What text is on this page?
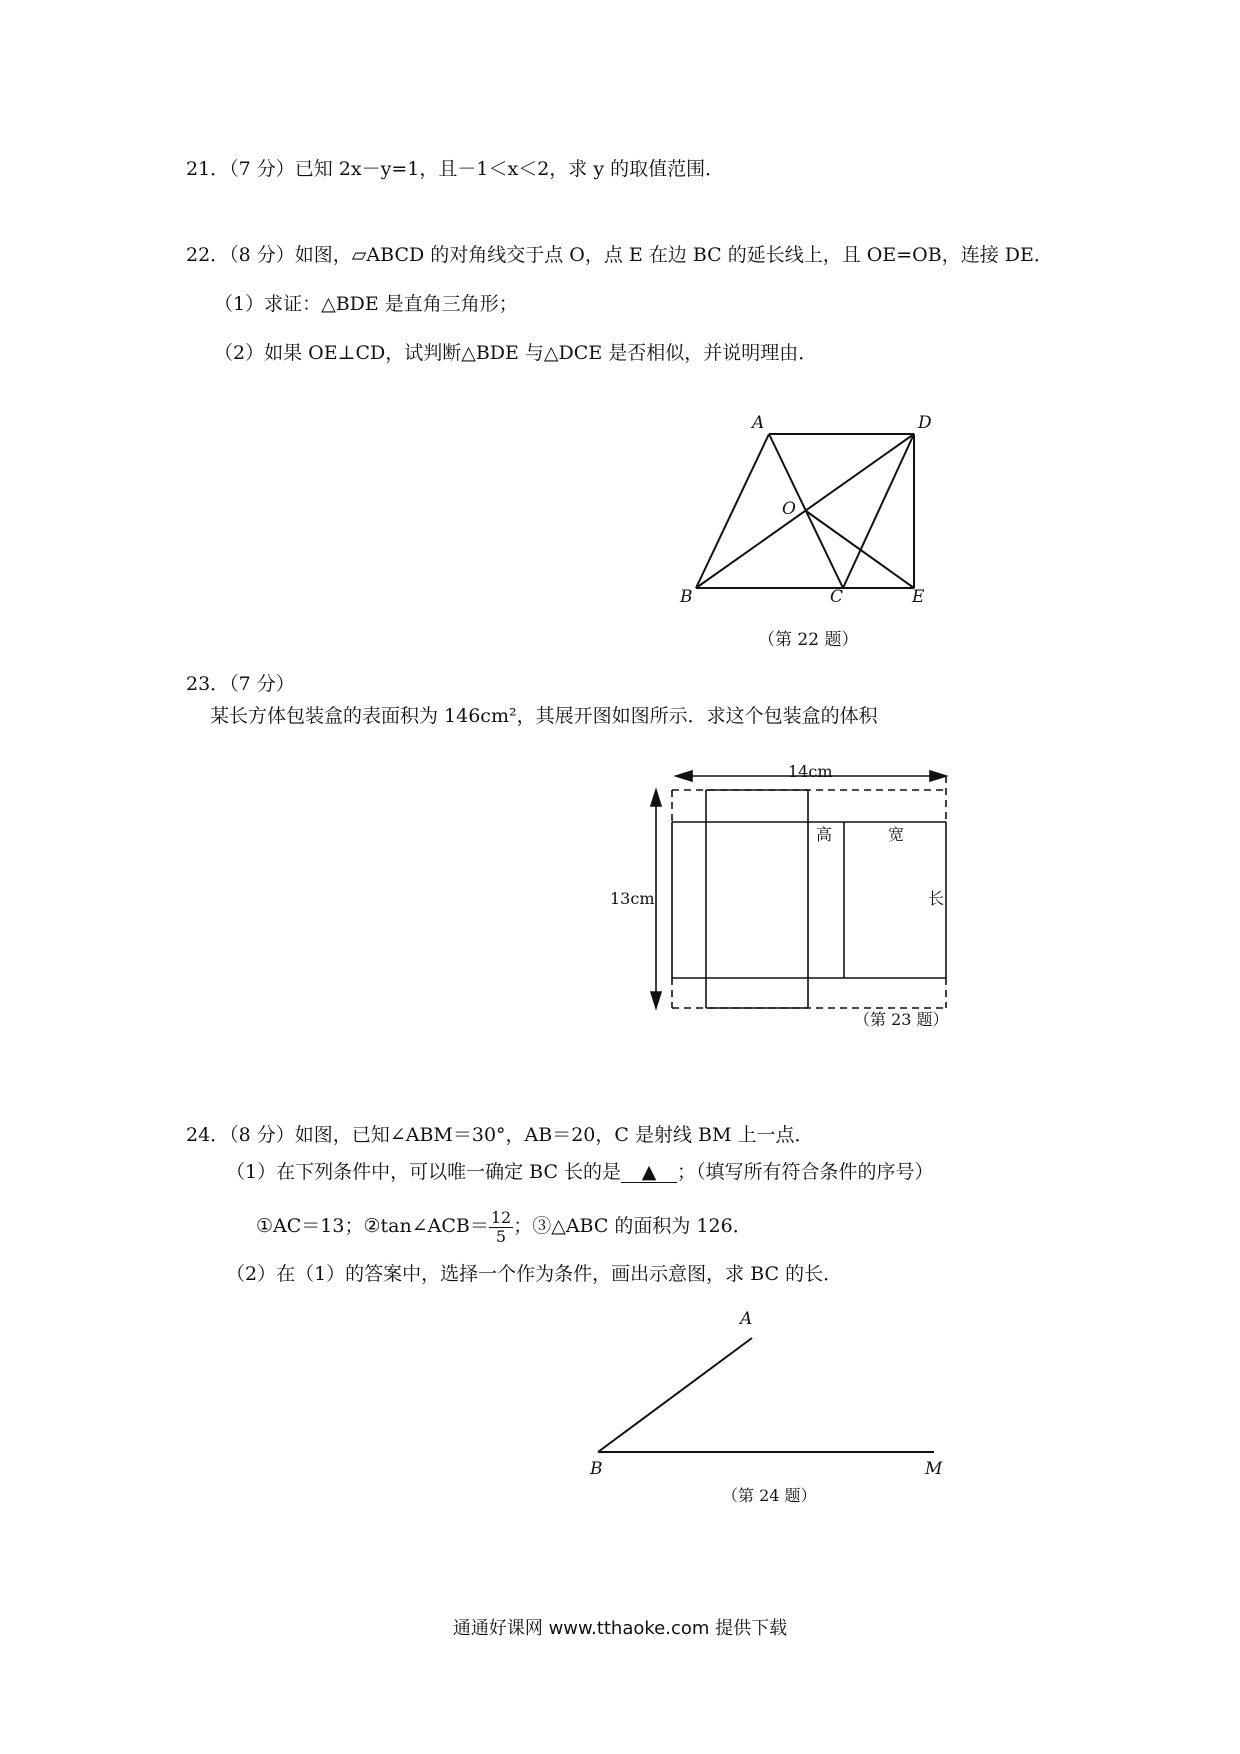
21．（7 分）已知 2x－y=1，且－1＜x＜2，求 y 的取值范围．
22．（8 分）如图，▱ABCD 的对角线交于点 O，点 E 在边 BC 的延长线上，且 OE=OB，连接 DE．
（1）求证：△BDE 是直角三角形；
（2）如果 OE⊥CD，试判断△BDE 与△DCE 是否相似，并说明理由．
A	D
O
B	C	E
（第 22 题）
23．（7 分）
某长方体包装盒的表面积为 146cm²，其展开图如图所示．求这个包装盒的体积
14cm
13cm
高	宽
长
（第 23 题）
24．（8 分）如图，已知∠ABM＝30°，AB＝20，C 是射线 BM 上一点．
（1）在下列条件中，可以唯一确定 BC 长的是 ▲ ；（填写所有符合条件的序号）
①AC＝13；②tan∠ACB＝ $\frac{12}{5}$ ；③△ABC 的面积为 126．
（2）在（1）的答案中，选择一个作为条件，画出示意图，求 BC 的长．
A
B	M
（第 24 题）
通通好课网 www.tthaoke.com 提供下载
